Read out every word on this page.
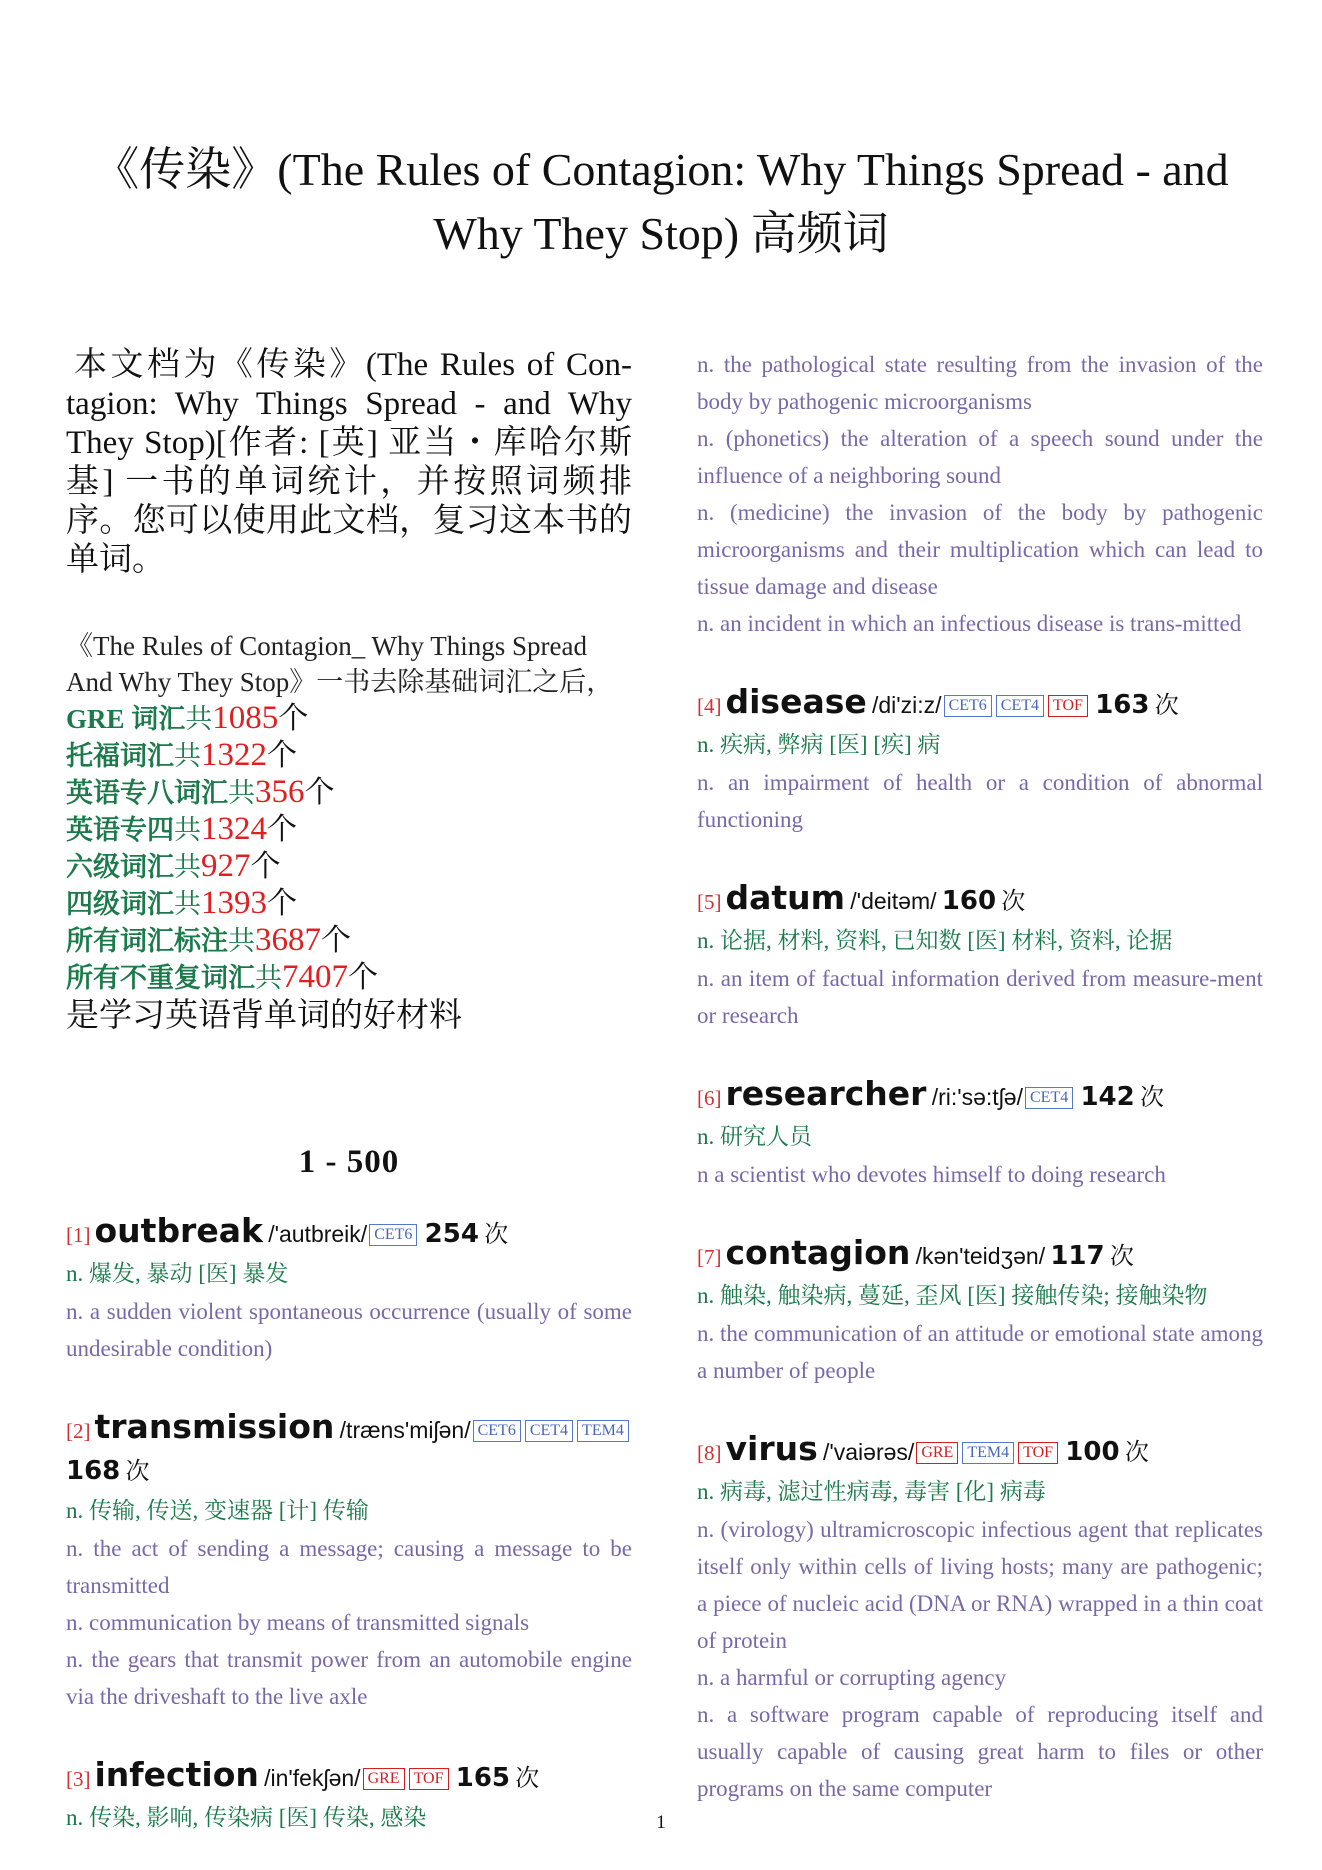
《传染》(The Rules of Contagion: Why Things Spread - and Why They Stop) 高频词

本文档为《传染》(The Rules of Con-tagion: Why Things Spread - and Why They Stop)[作者: [英] 亚当・库哈尔斯基] 一书的单词统计，并按照词频排序。您可以使用此文档，复习这本书的单词。

《The Rules of Contagion_ Why Things Spread And Why They Stop》一书去除基础词汇之后，
GRE 词汇共1085个
托福词汇共1322个
英语专八词汇共356个
英语专四共1324个
六级词汇共927个
四级词汇共1393个
所有词汇标注共3687个
所有不重复词汇共7407个
是学习英语背单词的好材料
1 - 500
[1] outbreak /'autbreik/ CET6 254 次

n. 爆发, 暴动 [医] 暴发

n. a sudden violent spontaneous occurrence (usually of some undesirable condition)

[2] transmission /træns'miʃən/ CET6 CET4 TEM4 168 次

n. 传输, 传送, 变速器 [计] 传输

n. the act of sending a message; causing a message to be transmitted

n. communication by means of transmitted signals

n. the gears that transmit power from an automobile engine via the driveshaft to the live axle

[3] infection /in'fekʃən/ GRE TOF 165 次

n. 传染, 影响, 传染病 [医] 传染, 感染

n. the pathological state resulting from the invasion of the body by pathogenic microorganisms

n. (phonetics) the alteration of a speech sound under the influence of a neighboring sound

n. (medicine) the invasion of the body by pathogenic microorganisms and their multiplication which can lead to tissue damage and disease

n. an incident in which an infectious disease is trans-mitted

[4] disease /di'zi:z/ CET6 CET4 TOF 163 次

n. 疾病, 弊病 [医] [疾] 病

n. an impairment of health or a condition of abnormal functioning

[5] datum /'deitəm/ 160 次

n. 论据, 材料, 资料, 已知数 [医] 材料, 资料, 论据

n. an item of factual information derived from measure-ment or research

[6] researcher /ri:'sə:tʃə/ CET4 142 次

n. 研究人员

n a scientist who devotes himself to doing research

[7] contagion /kən'teidʒən/ 117 次

n. 触染, 触染病, 蔓延, 歪风 [医] 接触传染; 接触染物

n. the communication of an attitude or emotional state among a number of people

[8] virus /'vaiərəs/ GRE TEM4 TOF 100 次

n. 病毒, 滤过性病毒, 毒害 [化] 病毒

n. (virology) ultramicroscopic infectious agent that replicates itself only within cells of living hosts; many are pathogenic; a piece of nucleic acid (DNA or RNA) wrapped in a thin coat of protein

n. a harmful or corrupting agency

n. a software program capable of reproducing itself and usually capable of causing great harm to files or other programs on the same computer

1
